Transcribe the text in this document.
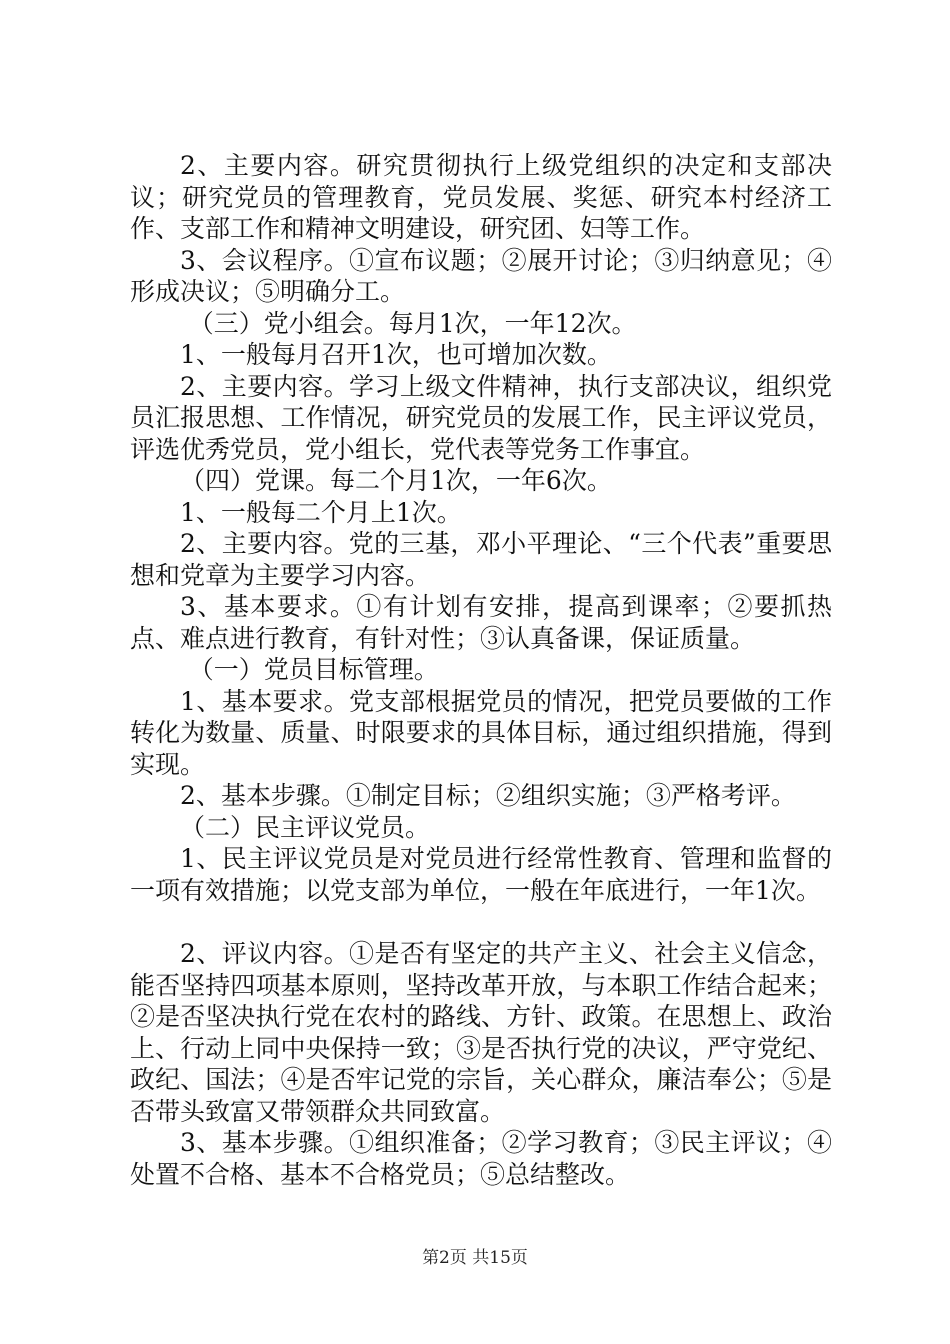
2、主要内容。研究贯彻执行上级党组织的决定和支部决议；研究党员的管理教育，党员发展、奖惩、研究本村经济工作、支部工作和精神文明建设，研究团、妇等工作。

3、会议程序。①宣布议题；②展开讨论；③归纳意见；④形成决议；⑤明确分工。

（三）党小组会。每月1次，一年12次。

1、一般每月召开1次，也可增加次数。

2、主要内容。学习上级文件精神，执行支部决议，组织党员汇报思想、工作情况，研究党员的发展工作，民主评议党员，评选优秀党员，党小组长，党代表等党务工作事宜。

（四）党课。每二个月1次，一年6次。

1、一般每二个月上1次。

2、主要内容。党的三基，邓小平理论、“三个代表”重要思想和党章为主要学习内容。

3、基本要求。①有计划有安排，提高到课率；②要抓热点、难点进行教育，有针对性；③认真备课，保证质量。

（一）党员目标管理。

1、基本要求。党支部根据党员的情况，把党员要做的工作转化为数量、质量、时限要求的具体目标，通过组织措施，得到实现。

2、基本步骤。①制定目标；②组织实施；③严格考评。

（二）民主评议党员。

1、民主评议党员是对党员进行经常性教育、管理和监督的一项有效措施；以党支部为单位，一般在年底进行，一年1次。

2、评议内容。①是否有坚定的共产主义、社会主义信念，能否坚持四项基本原则，坚持改革开放，与本职工作结合起来；②是否坚决执行党在农村的路线、方针、政策。在思想上、政治上、行动上同中央保持一致；③是否执行党的决议，严守党纪、政纪、国法；④是否牢记党的宗旨，关心群众，廉洁奉公；⑤是否带头致富又带领群众共同致富。

3、基本步骤。①组织准备；②学习教育；③民主评议；④处置不合格、基本不合格党员；⑤总结整改。

第2页 共15页
